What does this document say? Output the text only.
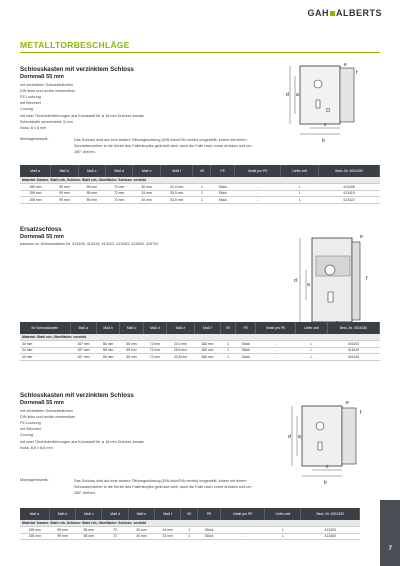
GAH ALBERTS
METALLTORBESCHLÄGE
Schlosskasten mit verzinktem Schloss
Dornmaß 55 mm
mit verzinktem Schraubblechen
DIN links und rechts verwendbar
PZ-Lochung
mit Wechsel
1-tourig
mit zwei Türdrückerführungen aus Kunststoff für ø 18 mm Drücker-Ansatz
Schlossfalle verzahnend: 5 mm
Nuss: 8 x 8 mm
d a
b
c
f
e
Montagehinweis:	Das Schloss wird auf eine andere Öffnungsrichtung (DIN links/DIN rechts) umgestellt, indem mit einem
Schraubenzieher in die Kerbe des Fallenkopfes gedrückt wird; dann die Falle nach vorne drücken und um
180° drehen.
Maß a	Maß b	Maß c	Maß d	Maß e	Maß f	VE	PE	Inhalt pro PE	Liefer-zeit	Best.-Nr. 4004330
Material: Kasten: Stahl roh, Schloss: Stahl roh, Oberfläche: Schloss: verzinkt										
155 mm	99 mm	55 mm	72 mm	30 mm	24,0 mm	1	Stück	-	L	413408
155 mm	99 mm	55 mm	72 mm	34 mm	28,5 mm	1	Stück	-	L	413415
155 mm	99 mm	55 mm	72 mm	40 mm	33,5 mm	1	Stück	-	L	413422
Ersatzschloss
Dornmaß 55 mm
passend zu Schlosskasten Nr. 413408, 413415, 413422, 413453, 413460, 416700
d
a
e
f
für Schlosskasten	Maß a	Maß b	Maß c	Maß d	Maß e	Maß f	VE	PE	Inhalt pro PE	Liefer-zeit	Best.-Nr. 4004330
Material: Stahl roh, Oberfläche: verzinkt											
30 mm	167 mm	86 mm	55 mm	72 mm	24,0 mm	186 mm	1	Stück	-	L	416102
34 mm	167 mm	86 mm	55 mm	72 mm	28,5 mm	186 mm	1	Stück	-	L	416119
40 mm	167 mm	86 mm	55 mm	72 mm	33,8 mm	186 mm	1	Stück	-	L	416126
Schlosskasten mit verzinktem Schloss
Dornmaß 55 mm
mit verzinktem Schraubblechen
DIN links und rechts verwendbar
PZ-Lochung
mit Wechsel
2-tourig
mit zwei Türdrückerführungen aus Kunststoff für ø 18 mm Drücker-Ansatz
Nuss: 8,8 x 8,8 mm
d a
b
c
e
f
Montagehinweis:	Das Schloss wird auf eine andere Öffnungsrichtung (DIN links/DIN rechts) umgestellt, indem mit einem
Schraubenzieher in die Kerbe des Fallenkopfes gedrückt wird; dann die Falle nach vorne drücken und um
180° drehen.
Maß a	Maß b	Maß c	Maß d	Maß e	Maß f	VE	PE	Inhalt pro PE	Liefer-zeit	Best.-Nr. 4004330
Material: Kasten: Stahl roh, Schloss: Stahl roh, Oberfläche: Schloss: verzinkt										
155 mm	99 mm	55 mm	72	30 mm	24 mm	1	Stück	-	L	413453
155 mm	99 mm	55 mm	72	40 mm	33 mm	1	Stück	-	L	413460
7
